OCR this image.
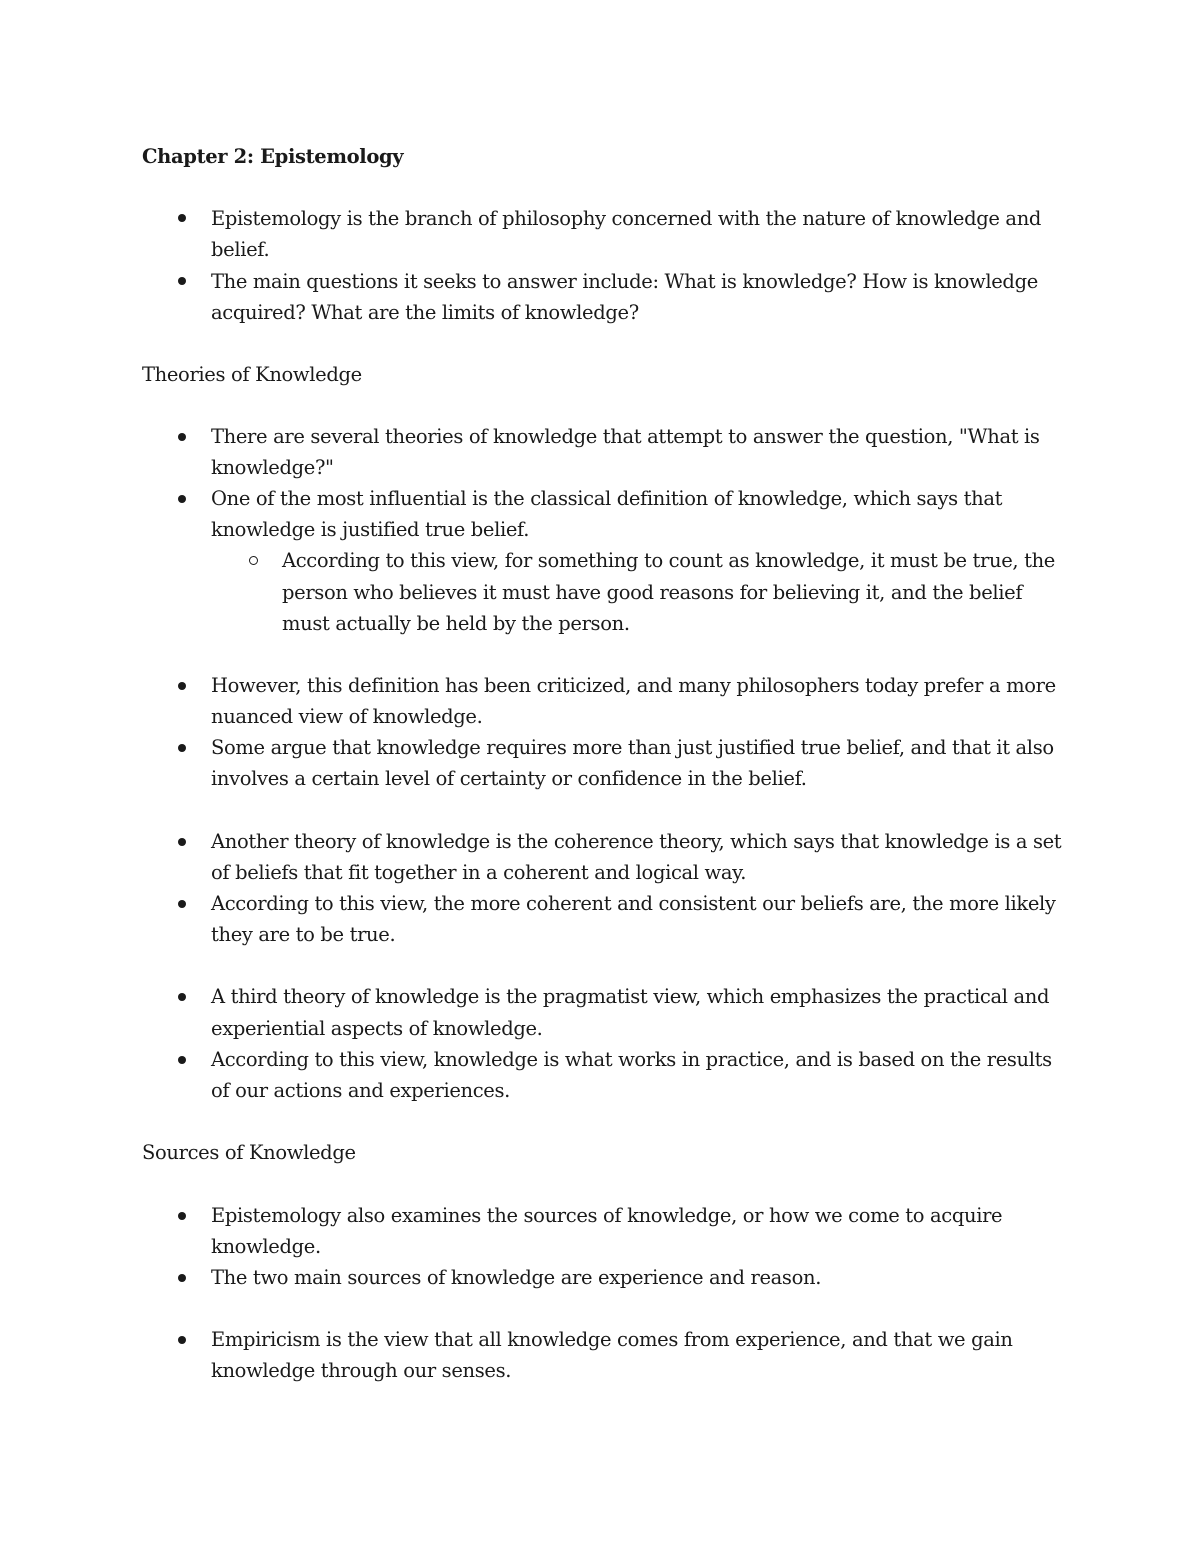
Chapter 2: Epistemology
Epistemology is the branch of philosophy concerned with the nature of knowledge and
belief.
The main questions it seeks to answer include: What is knowledge? How is knowledge
acquired? What are the limits of knowledge?
Theories of Knowledge
There are several theories of knowledge that attempt to answer the question, "What is
knowledge?"
One of the most influential is the classical definition of knowledge, which says that
knowledge is justified true belief.
According to this view, for something to count as knowledge, it must be true, the
person who believes it must have good reasons for believing it, and the belief
must actually be held by the person.
However, this definition has been criticized, and many philosophers today prefer a more
nuanced view of knowledge.
Some argue that knowledge requires more than just justified true belief, and that it also
involves a certain level of certainty or confidence in the belief.
Another theory of knowledge is the coherence theory, which says that knowledge is a set
of beliefs that fit together in a coherent and logical way.
According to this view, the more coherent and consistent our beliefs are, the more likely
they are to be true.
A third theory of knowledge is the pragmatist view, which emphasizes the practical and
experiential aspects of knowledge.
According to this view, knowledge is what works in practice, and is based on the results
of our actions and experiences.
Sources of Knowledge
Epistemology also examines the sources of knowledge, or how we come to acquire
knowledge.
The two main sources of knowledge are experience and reason.
Empiricism is the view that all knowledge comes from experience, and that we gain
knowledge through our senses.
